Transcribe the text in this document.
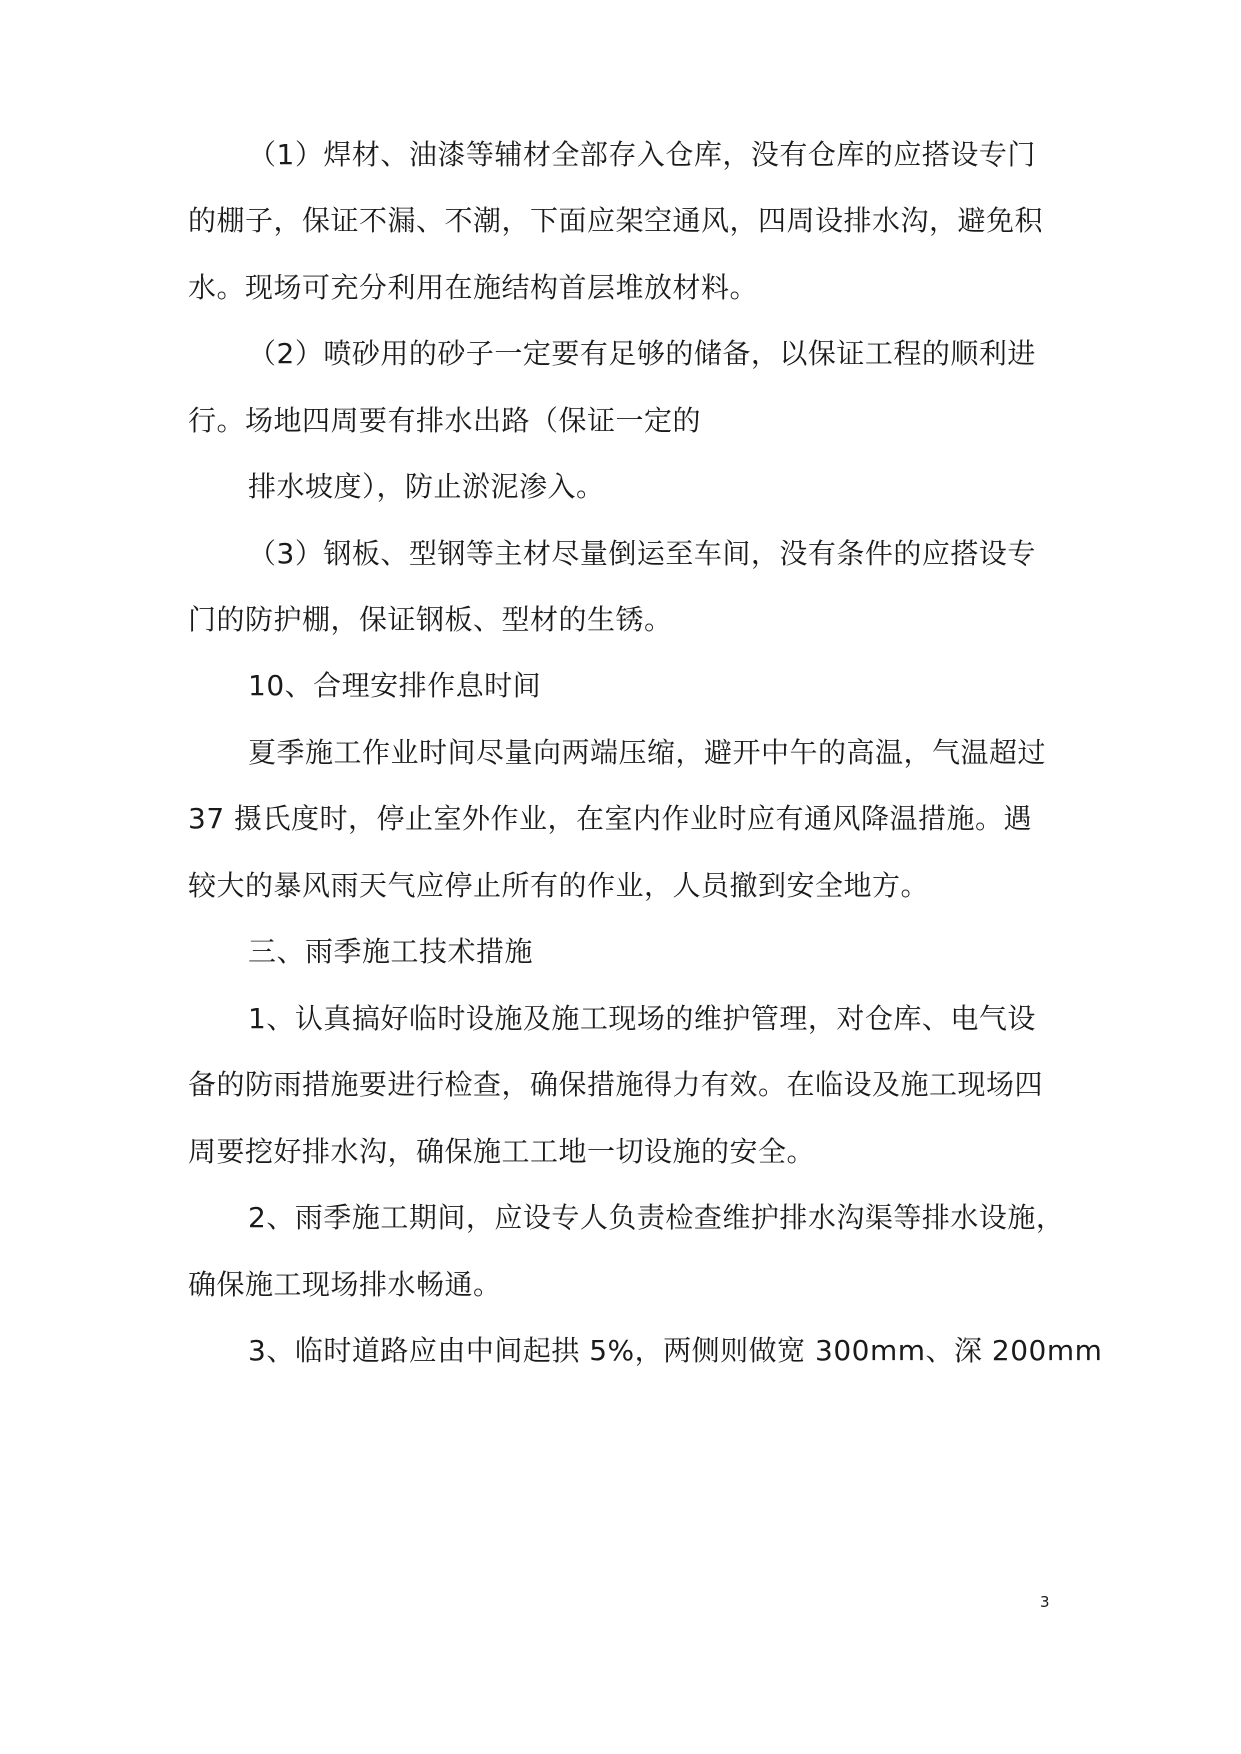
（1）焊材、油漆等辅材全部存入仓库，没有仓库的应搭设专门
的棚子，保证不漏、不潮，下面应架空通风，四周设排水沟，避免积
水。现场可充分利用在施结构首层堆放材料。
（2）喷砂用的砂子一定要有足够的储备，以保证工程的顺利进
行。场地四周要有排水出路（保证一定的
排水坡度），防止淤泥渗入。
（3）钢板、型钢等主材尽量倒运至车间，没有条件的应搭设专
门的防护棚，保证钢板、型材的生锈。
10、合理安排作息时间
夏季施工作业时间尽量向两端压缩，避开中午的高温，气温超过
37 摄氏度时，停止室外作业，在室内作业时应有通风降温措施。遇
较大的暴风雨天气应停止所有的作业，人员撤到安全地方。
三、雨季施工技术措施
1、认真搞好临时设施及施工现场的维护管理，对仓库、电气设
备的防雨措施要进行检查，确保措施得力有效。在临设及施工现场四
周要挖好排水沟，确保施工工地一切设施的安全。
2、雨季施工期间，应设专人负责检查维护排水沟渠等排水设施，
确保施工现场排水畅通。
3、临时道路应由中间起拱 5%，两侧则做宽 300mm、深 200mm
3
